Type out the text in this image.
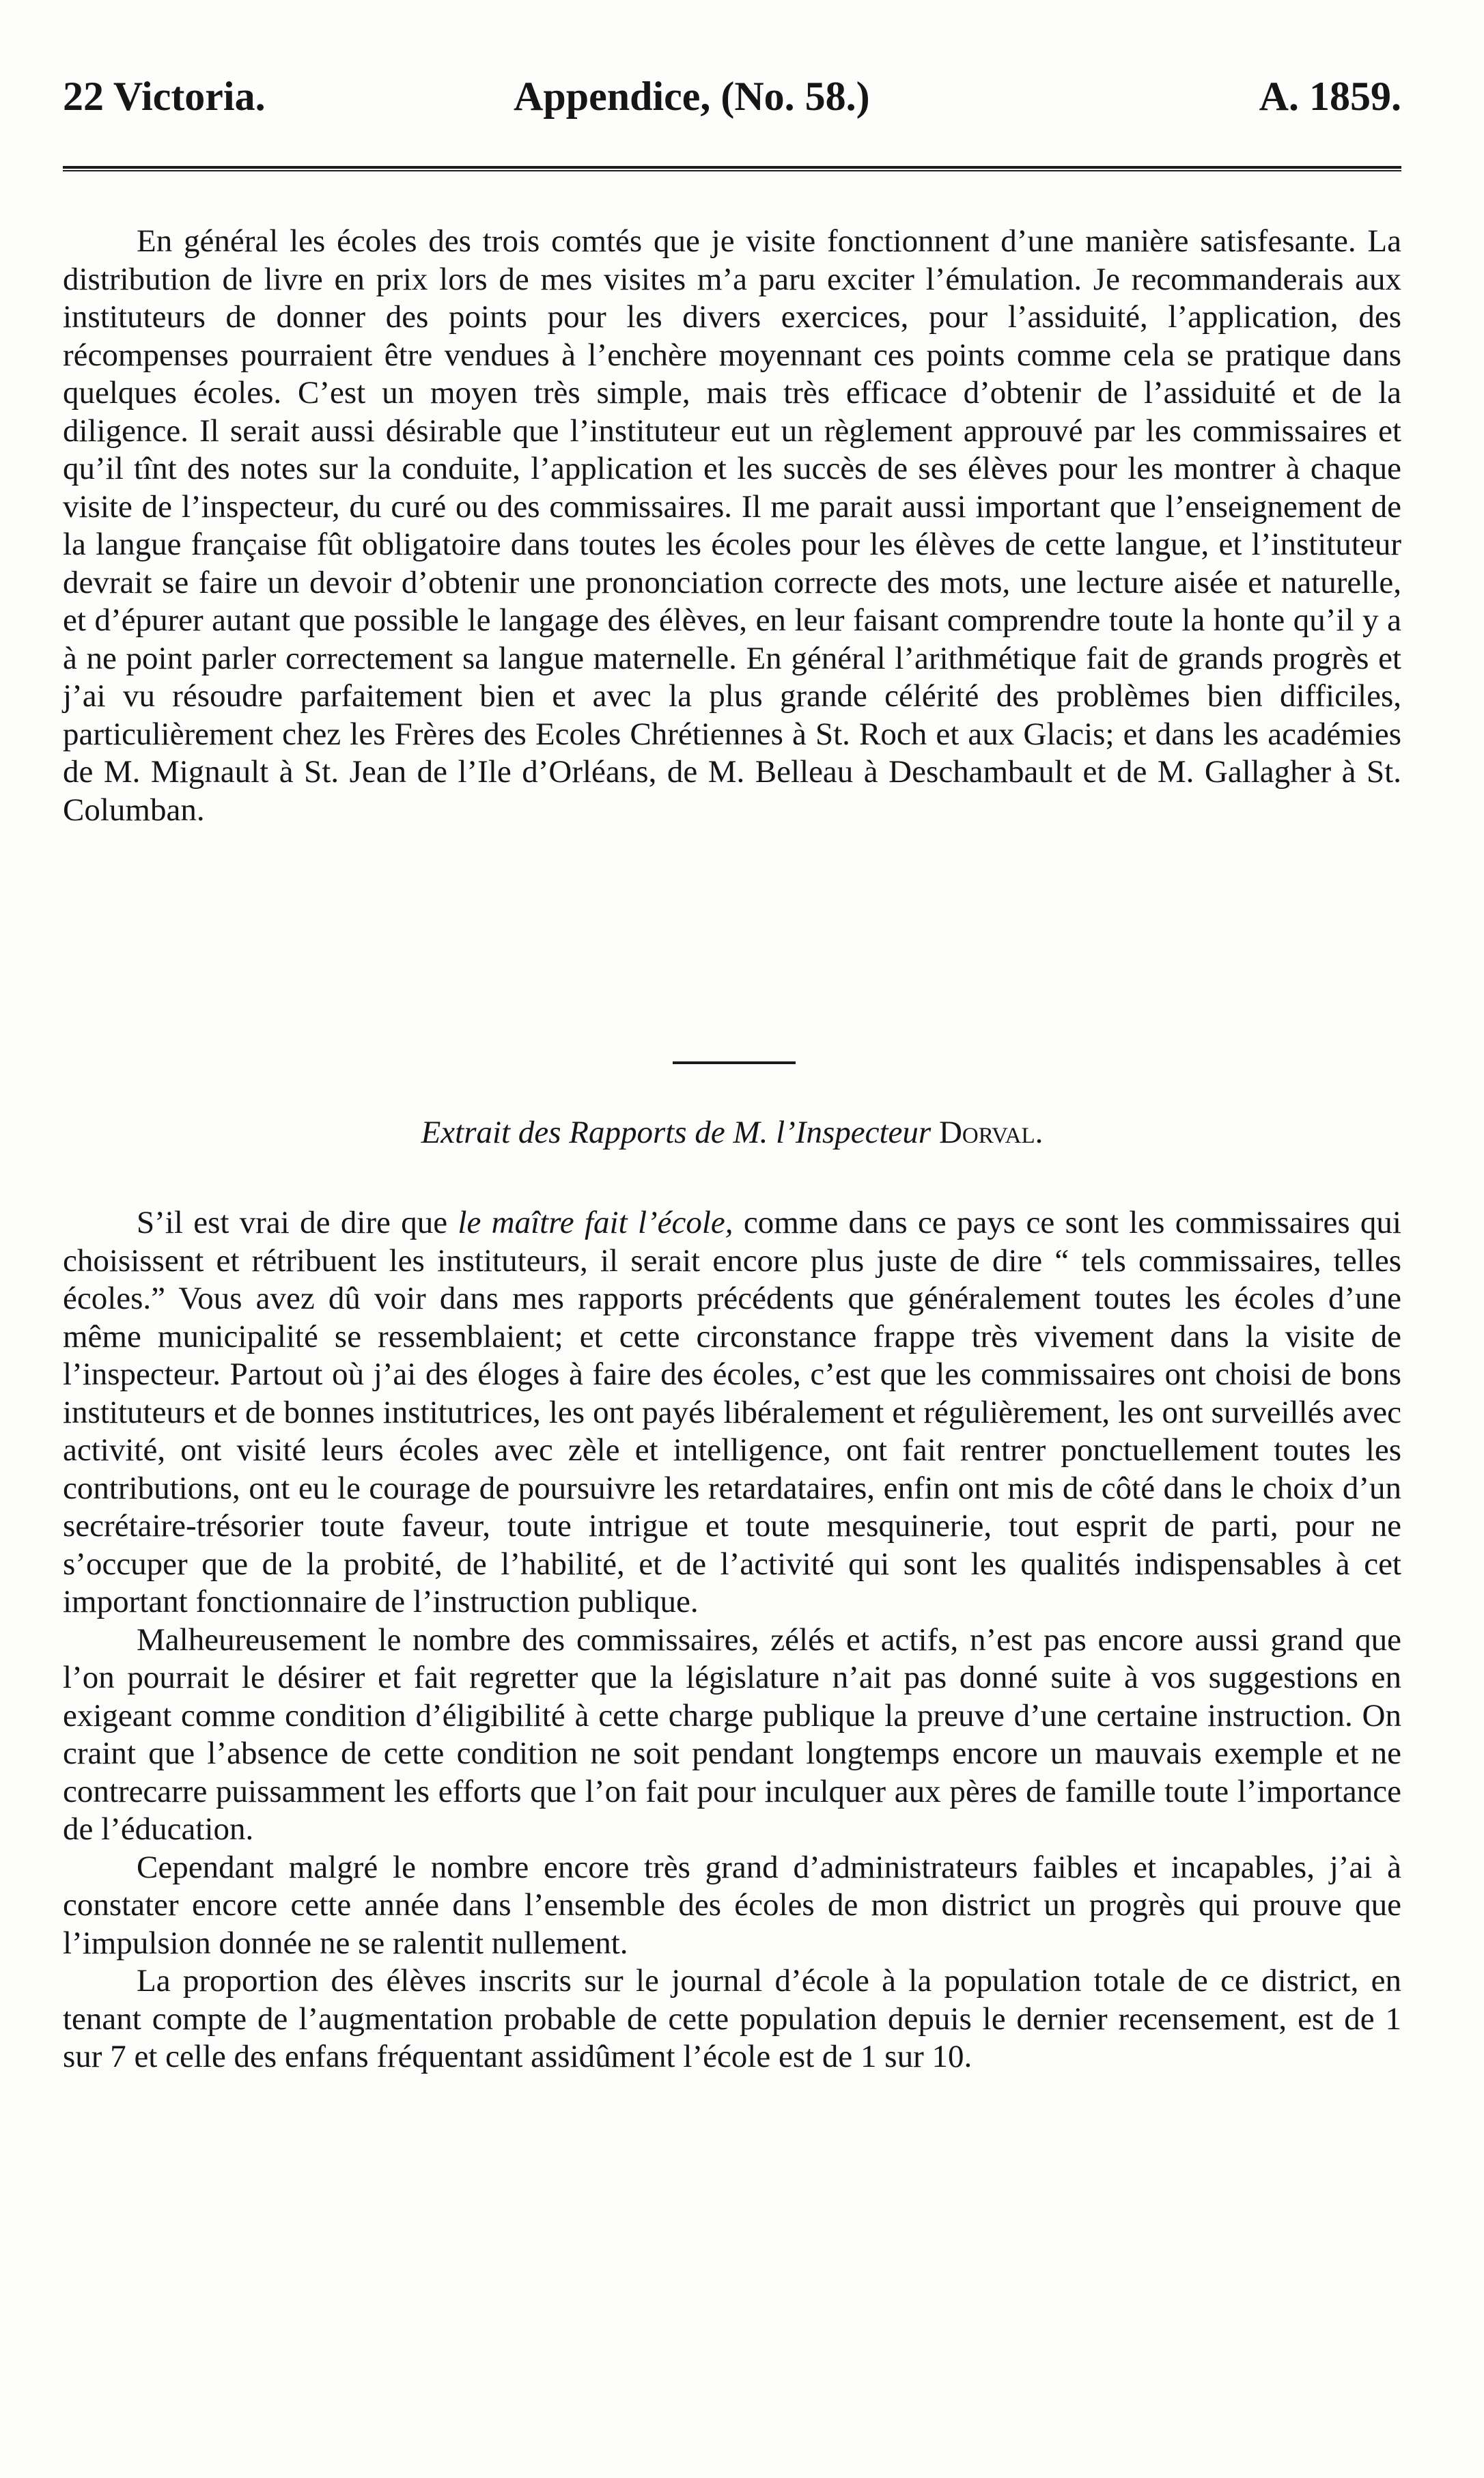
22 Victoria.	Appendice, (No. 58.)	A. 1859.

En général les écoles des trois comtés que je visite fonctionnent d’une manière satisfesante. La distribution de livre en prix lors de mes visites m’a paru exciter l’émulation. Je recommanderais aux instituteurs de donner des points pour les divers exercices, pour l’assiduité, l’application, des récompenses pourraient être vendues à l’enchère moyennant ces points comme cela se pratique dans quelques écoles. C’est un moyen très simple, mais très efficace d’obtenir de l’assiduité et de la diligence. Il serait aussi désirable que l’instituteur eut un règlement approuvé par les commissaires et qu’il tînt des notes sur la conduite, l’application et les succès de ses élèves pour les montrer à chaque visite de l’inspecteur, du curé ou des commissaires. Il me parait aussi important que l’enseignement de la langue française fût obligatoire dans toutes les écoles pour les élèves de cette langue, et l’instituteur devrait se faire un devoir d’obtenir une prononciation correcte des mots, une lecture aisée et naturelle, et d’épurer autant que possible le langage des élèves, en leur faisant comprendre toute la honte qu’il y a à ne point parler correctement sa langue maternelle. En général l’arithmétique fait de grands progrès et j’ai vu résoudre parfaitement bien et avec la plus grande célérité des problèmes bien difficiles, particulièrement chez les Frères des Ecoles Chrétiennes à St. Roch et aux Glacis; et dans les académies de M. Mignault à St. Jean de l’Ile d’Orléans, de M. Belleau à Deschambault et de M. Gallagher à St. Columban.

Extrait des Rapports de M. l’Inspecteur Dorval.

S’il est vrai de dire que le maître fait l’école, comme dans ce pays ce sont les commissaires qui choisissent et rétribuent les instituteurs, il serait encore plus juste de dire “ tels commissaires, telles écoles.” Vous avez dû voir dans mes rapports précédents que généralement toutes les écoles d’une même municipalité se ressemblaient; et cette circonstance frappe très vivement dans la visite de l’inspecteur. Partout où j’ai des éloges à faire des écoles, c’est que les commissaires ont choisi de bons instituteurs et de bonnes institutrices, les ont payés libéralement et régulièrement, les ont surveillés avec activité, ont visité leurs écoles avec zèle et intelligence, ont fait rentrer ponctuellement toutes les contributions, ont eu le courage de poursuivre les retardataires, enfin ont mis de côté dans le choix d’un secrétaire-trésorier toute faveur, toute intrigue et toute mesquinerie, tout esprit de parti, pour ne s’occuper que de la probité, de l’habilité, et de l’activité qui sont les qualités indispensables à cet important fonctionnaire de l’instruction publique.

Malheureusement le nombre des commissaires, zélés et actifs, n’est pas encore aussi grand que l’on pourrait le désirer et fait regretter que la législature n’ait pas donné suite à vos suggestions en exigeant comme condition d’éligibilité à cette charge publique la preuve d’une certaine instruction. On craint que l’absence de cette condition ne soit pendant longtemps encore un mauvais exemple et ne contrecarre puissamment les efforts que l’on fait pour inculquer aux pères de famille toute l’importance de l’éducation.

Cependant malgré le nombre encore très grand d’administrateurs faibles et incapables, j’ai à constater encore cette année dans l’ensemble des écoles de mon district un progrès qui prouve que l’impulsion donnée ne se ralentit nullement.

La proportion des élèves inscrits sur le journal d’école à la population totale de ce district, en tenant compte de l’augmentation probable de cette population depuis le dernier recensement, est de 1 sur 7 et celle des enfans fréquentant assidûment l’école est de 1 sur 10.
